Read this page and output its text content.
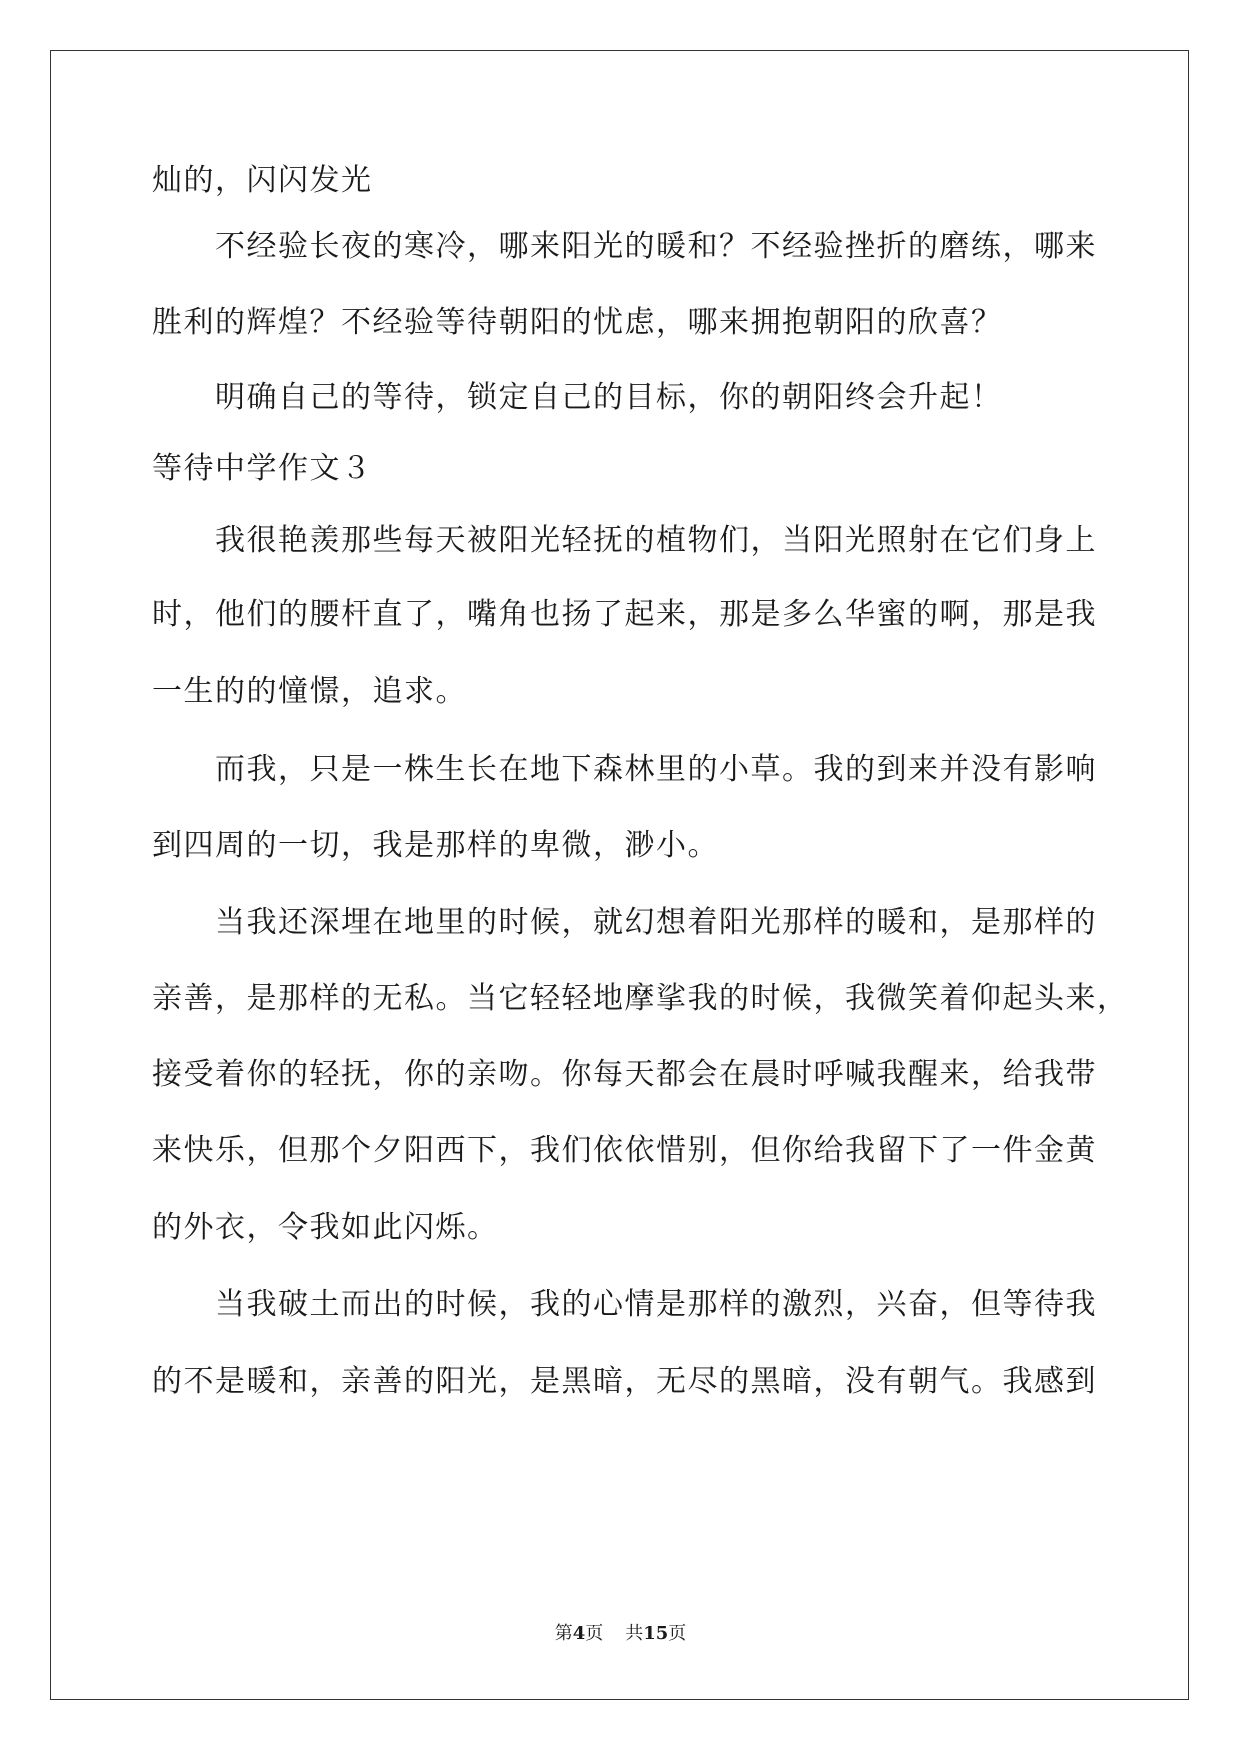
灿的，闪闪发光
不经验长夜的寒冷，哪来阳光的暖和？不经验挫折的磨练，哪来
胜利的辉煌？不经验等待朝阳的忧虑，哪来拥抱朝阳的欣喜？
明确自己的等待，锁定自己的目标，你的朝阳终会升起！
等待中学作文３
我很艳羡那些每天被阳光轻抚的植物们，当阳光照射在它们身上
时，他们的腰杆直了，嘴角也扬了起来，那是多么华蜜的啊，那是我
一生的的憧憬，追求。
而我，只是一株生长在地下森林里的小草。我的到来并没有影响
到四周的一切，我是那样的卑微，渺小。
当我还深埋在地里的时候，就幻想着阳光那样的暖和，是那样的
亲善，是那样的无私。当它轻轻地摩挲我的时候，我微笑着仰起头来，
接受着你的轻抚，你的亲吻。你每天都会在晨时呼喊我醒来，给我带
来快乐，但那个夕阳西下，我们依依惜别，但你给我留下了一件金黄
的外衣，令我如此闪烁。
当我破土而出的时候，我的心情是那样的激烈，兴奋，但等待我
的不是暖和，亲善的阳光，是黑暗，无尽的黑暗，没有朝气。我感到
第4页 共15页
